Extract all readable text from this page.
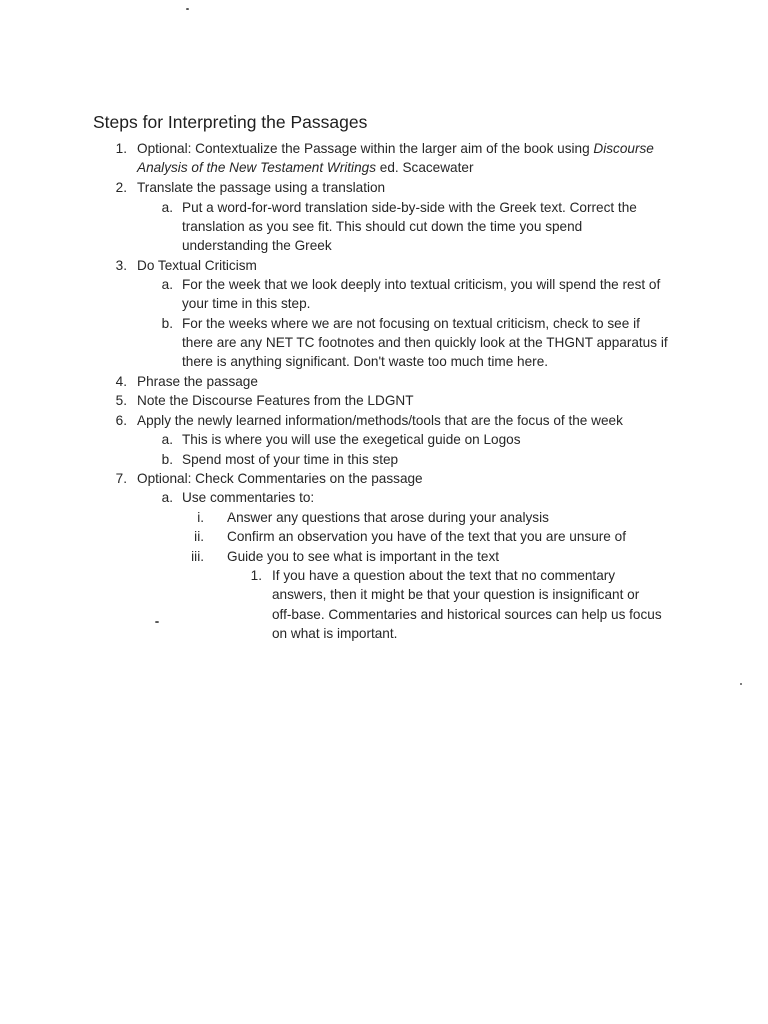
Steps for Interpreting the Passages
1. Optional: Contextualize the Passage within the larger aim of the book using Discourse
Analysis of the New Testament Writings ed. Scacewater
2. Translate the passage using a translation
a. Put a word-for-word translation side-by-side with the Greek text. Correct the
translation as you see fit. This should cut down the time you spend
understanding the Greek
3. Do Textual Criticism
a. For the week that we look deeply into textual criticism, you will spend the rest of
your time in this step.
b. For the weeks where we are not focusing on textual criticism, check to see if
there are any NET TC footnotes and then quickly look at the THGNT apparatus if
there is anything significant. Don't waste too much time here.
4. Phrase the passage
5. Note the Discourse Features from the LDGNT
6. Apply the newly learned information/methods/tools that are the focus of the week
a. This is where you will use the exegetical guide on Logos
b. Spend most of your time in this step
7. Optional: Check Commentaries on the passage
a. Use commentaries to:
i. Answer any questions that arose during your analysis
ii. Confirm an observation you have of the text that you are unsure of
iii. Guide you to see what is important in the text
1. If you have a question about the text that no commentary
answers, then it might be that your question is insignificant or
off-base. Commentaries and historical sources can help us focus
on what is important.
